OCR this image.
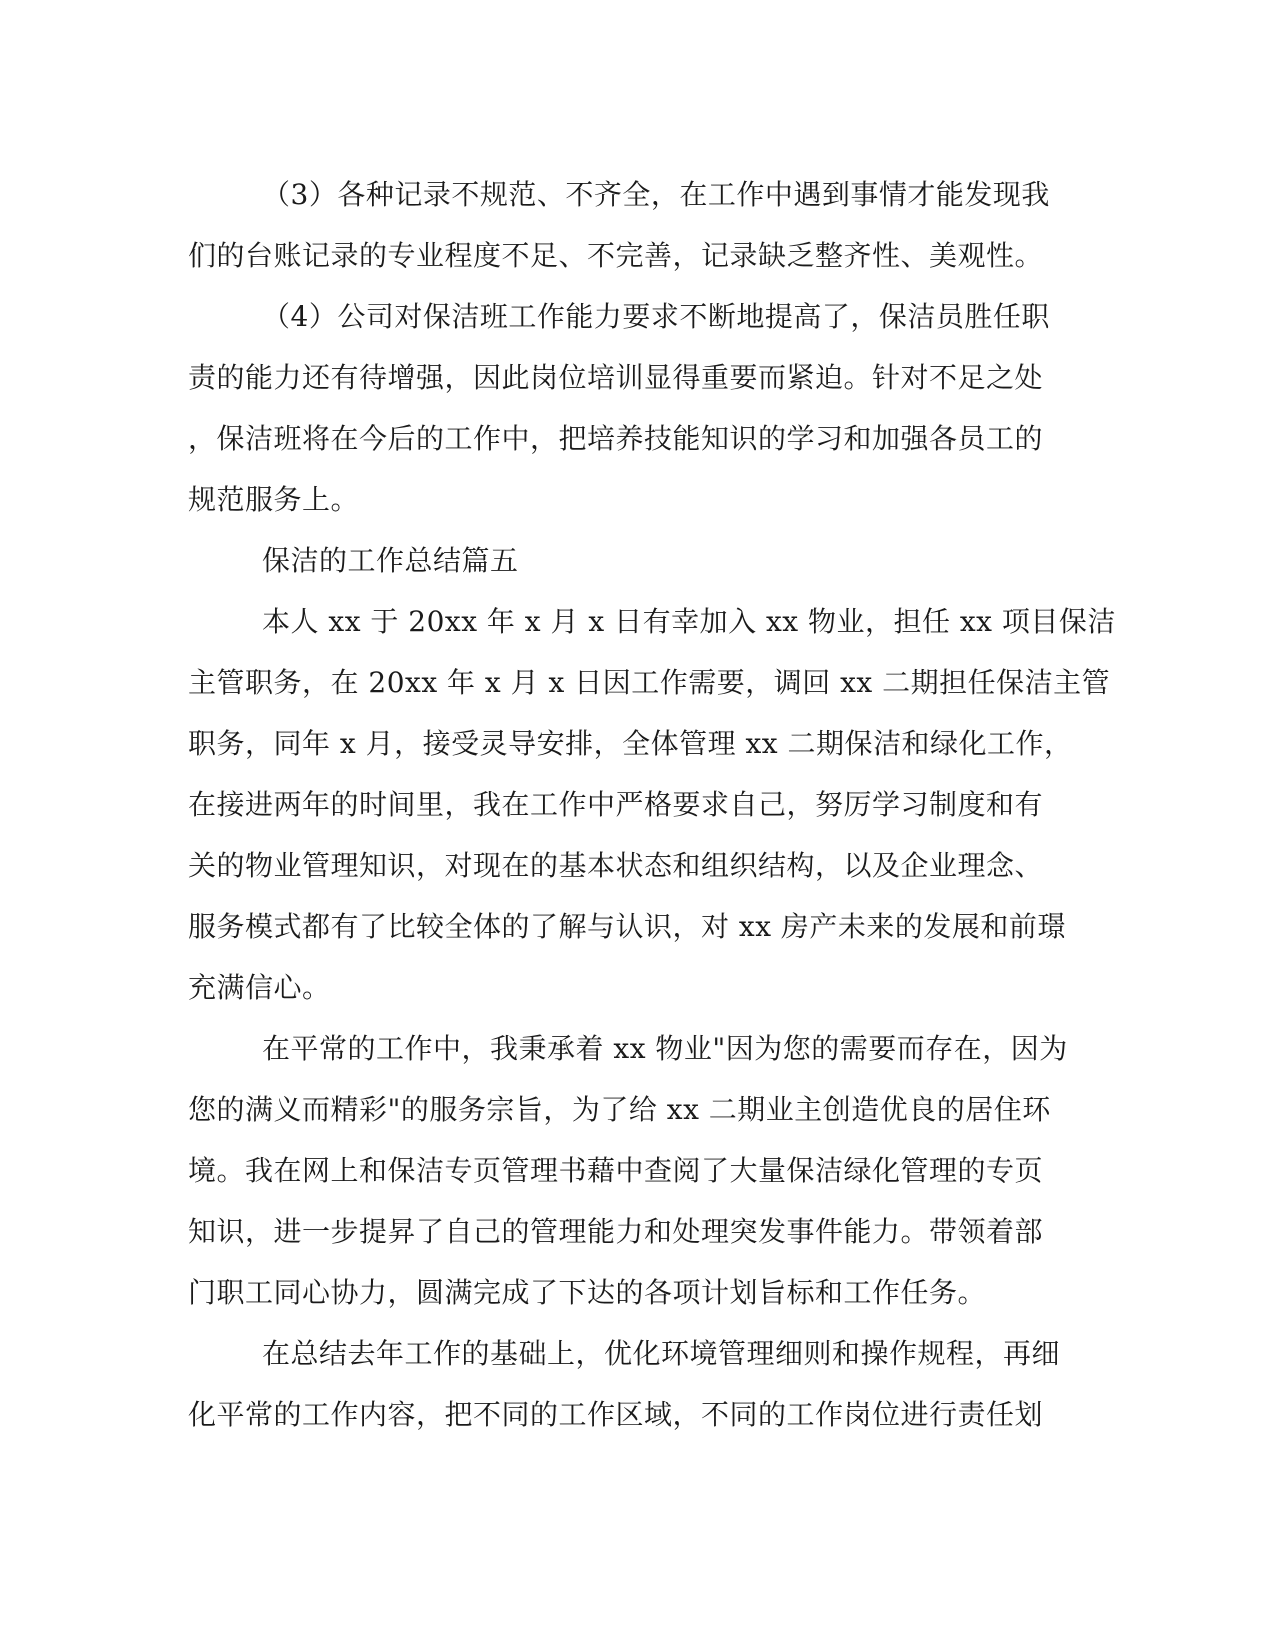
（3）各种记录不规范、不齐全，在工作中遇到事情才能发现我
们的台账记录的专业程度不足、不完善，记录缺乏整齐性、美观性。
（4）公司对保洁班工作能力要求不断地提高了，保洁员胜任职
责的能力还有待增强，因此岗位培训显得重要而紧迫。针对不足之处
，保洁班将在今后的工作中，把培养技能知识的学习和加强各员工的
规范服务上。
保洁的工作总结篇五
本人 xx 于 20xx 年 x 月 x 日有幸加入 xx 物业，担任 xx 项目保洁
主管职务，在 20xx 年 x 月 x 日因工作需要，调回 xx 二期担任保洁主管
职务，同年 x 月，接受灵导安排，全体管理 xx 二期保洁和绿化工作，
在接进两年的时间里，我在工作中严格要求自己，努厉学习制度和有
关的物业管理知识，对现在的基本状态和组织结构，以及企业理念、
服务模式都有了比较全体的了解与认识，对 xx 房产未来的发展和前璟
充满信心。
在平常的工作中，我秉承着 xx 物业"因为您的需要而存在，因为
您的满义而精彩"的服务宗旨，为了给 xx 二期业主创造优良的居住环
境。我在网上和保洁专页管理书藉中查阅了大量保洁绿化管理的专页
知识，进一步提昇了自己的管理能力和处理突发事件能力。带领着部
门职工同心协力，圆满完成了下达的各项计划旨标和工作任务。
在总结去年工作的基础上，优化环境管理细则和操作规程，再细
化平常的工作内容，把不同的工作区域，不同的工作岗位进行责任划
